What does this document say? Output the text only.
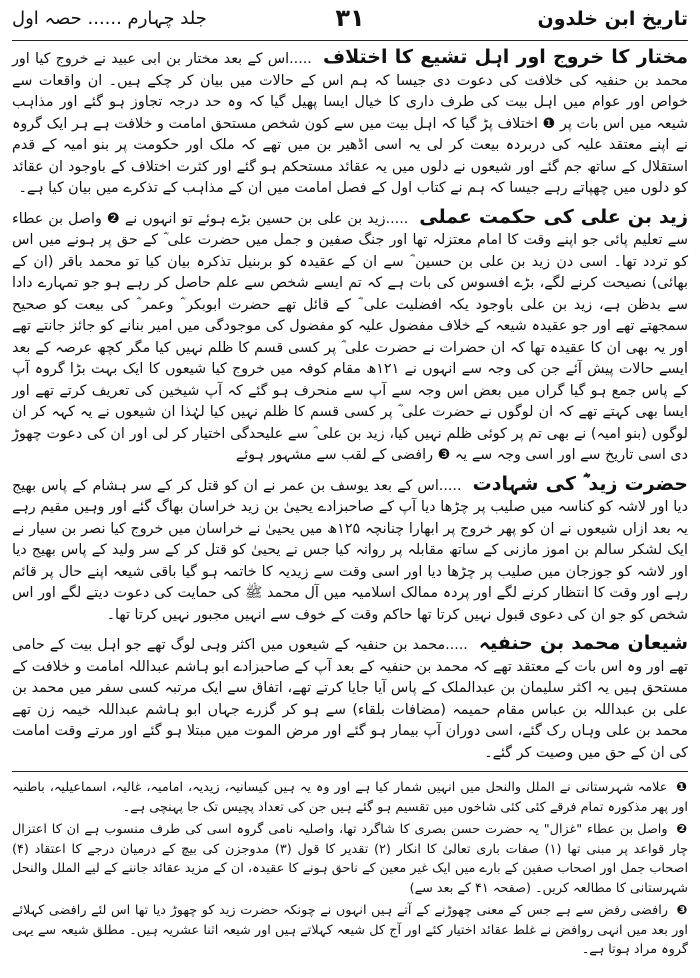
تاریخ ابن خلدون
۳۱
جلد چہارم ...... حصہ اول

مختار کا خروج اور اہل تشیع کا اختلاف .....اس کے بعد مختار بن ابی عبید نے خروج کیا اور محمد بن حنفیہ کی خلافت کی دعوت دی جیسا کہ ہم اس کے حالات میں بیان کر چکے ہیں۔ ان واقعات سے خواص اور عوام میں اہل بیت کی طرف داری کا خیال ایسا پھیل گیا کہ وہ حد درجہ تجاوز ہو گئے اور مذاہب شیعہ میں اس بات پر ❶ اختلاف پڑ گیا کہ اہل بیت میں سے کون شخص مستحق امامت و خلافت ہے ہر ایک گروہ نے اپنے معتقد علیہ کی دربردہ بیعت کر لی یہ اسی اڈھیر بن میں تھے کہ ملک اور حکومت پر بنو امیہ کے قدم استقلال کے ساتھ جم گئے اور شیعوں نے دلوں میں یہ عقائد مستحکم ہو گئے اور کثرت اختلاف کے باوجود ان عقائد کو دلوں میں چھپاتے رہے جیسا کہ ہم نے کتاب اول کے فصل امامت میں ان کے مذاہب کے تذکرے میں بیان کیا ہے۔

زید بن علی کی حکمت عملی .....زید بن علی بن حسین بڑے ہوئے تو انہوں نے ❷ واصل بن عطاء سے تعلیم پائی جو اپنے وقت کا امام معتزلہ تھا اور جنگ صفین و جمل میں حضرت علی ؓ کے حق پر ہونے میں اس کو تردد تھا۔ اسی دن زید بن علی بن حسین ؓ سے ان کے عقیدہ کو بربنیل تذکرہ بیان کیا تو محمد باقر (ان کے بھائی) نصیحت کرنے لگے، بڑے افسوس کی بات ہے کہ تم ایسے شخص سے علم حاصل کر رہے ہو جو تمہارے دادا سے بدظن ہے، زید بن علی باوجود یکہ افضلیت علی ؓ کے قائل تھے حضرت ابوبکر ؓ وعمر ؓ کی بیعت کو صحیح سمجھتے تھے اور جو عقیدہ شیعہ کے خلاف مفضول علیہ کو مفضول کی موجودگی میں امیر بنانے کو جائز جانتے تھے اور یہ بھی ان کا عقیدہ تھا کہ ان حضرات نے حضرت علی ؓ پر کسی قسم کا ظلم نہیں کیا مگر کچھ عرصہ کے بعد ایسے حالات پیش آئے جن کی وجہ سے انہوں نے ۱۲۱ھ مقام کوفہ میں خروج کیا شیعوں کا ایک بہت بڑا گروہ آپ کے پاس جمع ہو گیا گراں میں بعض اس وجہ سے آپ سے منحرف ہو گئے کہ آپ شیخین کی تعریف کرتے تھے اور ایسا بھی کہتے تھے کہ ان لوگوں نے حضرت علی ؓ پر کسی قسم کا ظلم نہیں کیا لہٰذا ان شیعوں نے یہ کہہ کر ان لوگوں (بنو امیہ) نے بھی تم پر کوئی ظلم نہیں کیا، زید بن علی ؓ سے علیحدگی اختیار کر لی اور ان کی دعوت چھوڑ دی اسی تاریخ سے اور اسی وجہ سے یہ ❸ رافضی کے لقب سے مشہور ہوئے

حضرت زید ؓ کی شہادت .....اس کے بعد یوسف بن عمر نے ان کو قتل کر کے سر ہشام کے پاس بھیج دیا اور لاشہ کو کناسہ میں صلیب پر چڑھا دیا آپ کے صاحبزادے یحییٰ بن زید خراسان بھاگ گئے اور وہیں مقیم رہے یہ بعد ازاں شیعوں نے ان کو پھر خروج پر ابھارا چنانچہ ۱۲۵ھ میں یحییٰ نے خراسان میں خروج کیا نصر بن سیار نے ایک لشکر سالم بن اموز مازنی کے ساتھ مقابلہ پر روانہ کیا جس نے یحییٰ کو قتل کر کے سر ولید کے پاس بھیج دیا اور لاشہ کو جوزجان میں صلیب پر چڑھا دیا اور اسی وقت سے زیدیہ کا خاتمہ ہو گیا باقی شیعہ اپنے حال پر قائم رہے اور وقت کا انتظار کرنے لگے اور پردہ ممالک اسلامیہ میں آل محمد ﷺ کی حمایت کی دعوت دیتے لگے اور اس شخص کو جو ان کی دعوی قبول نہیں کرتا تھا حاکم وقت کے خوف سے انہیں مجبور نہیں کرتا تھا۔

شیعان محمد بن حنفیہ .....محمد بن حنفیہ کے شیعوں میں اکثر وہی لوگ تھے جو اہل بیت کے حامی تھے اور وہ اس بات کے معتقد تھے کہ محمد بن حنفیہ کے بعد آپ کے صاحبزادے ابو ہاشم عبداللہ امامت و خلافت کے مستحق ہیں یہ اکثر سلیمان بن عبدالملک کے پاس آیا جایا کرتے تھے، اتفاق سے ایک مرتبہ کسی سفر میں محمد بن علی بن عبداللہ بن عباس مقام حمیمہ (مضافات بلقاء) سے ہو کر گزرے جہاں ابو ہاشم عبداللہ خیمہ زن تھے محمد بن علی وہاں رک گئے، اسی دوران آپ بیمار ہو گئے اور مرض الموت میں مبتلا ہو گئے اور مرتے وقت امامت کی ان کے حق میں وصیت کر گئے۔

❶ علامہ شہرستانی نے الملل والنحل میں انہیں شمار کیا ہے اور وہ یہ ہیں کیسانیہ، زیدیہ، امامیہ، غالیہ، اسماعیلیہ، باطنیہ اور پھر مذکورہ تمام فرقے کئی کئی شاخوں میں تقسیم ہو گئے ہیں جن کی تعداد پچیس تک جا پہنچی ہے۔

❷ واصل بن عطاء "غزال" یہ حضرت حسن بصری کا شاگرد تھا، واصلیہ نامی گروہ اسی کی طرف منسوب ہے ان کا اعتزال چار قواعد پر مبنی تھا (۱) صفات باری تعالیٰ کا انکار (۲) تقدیر کا قول (۳) مدوجزن کی بیچ کے درمیان درجے کا اعتقاد (۴) اصحاب جمل اور اصحاب صفین کے بارے میں ایک غیر معین کے ناحق ہونے کا عقیدہ، ان کے مزید عقائد جاننے کے لیے الملل والنحل شہرستانی کا مطالعہ کریں۔ (صفحہ ۴۱ کے بعد سے)

❸ رافضی رفض سے ہے جس کے معنی چھوڑنے کے آتے ہیں انہوں نے چونکہ حضرت زید کو چھوڑ دیا تھا اس لئے رافضی کہلائے اور بعد میں انہی روافض نے غلط عقائد اختیار کئے اور آج کل شیعہ کہلاتے ہیں اور شیعہ اثنا عشریہ ہیں۔ مطلق شیعہ سے یہی گروہ مراد ہوتا ہے۔
